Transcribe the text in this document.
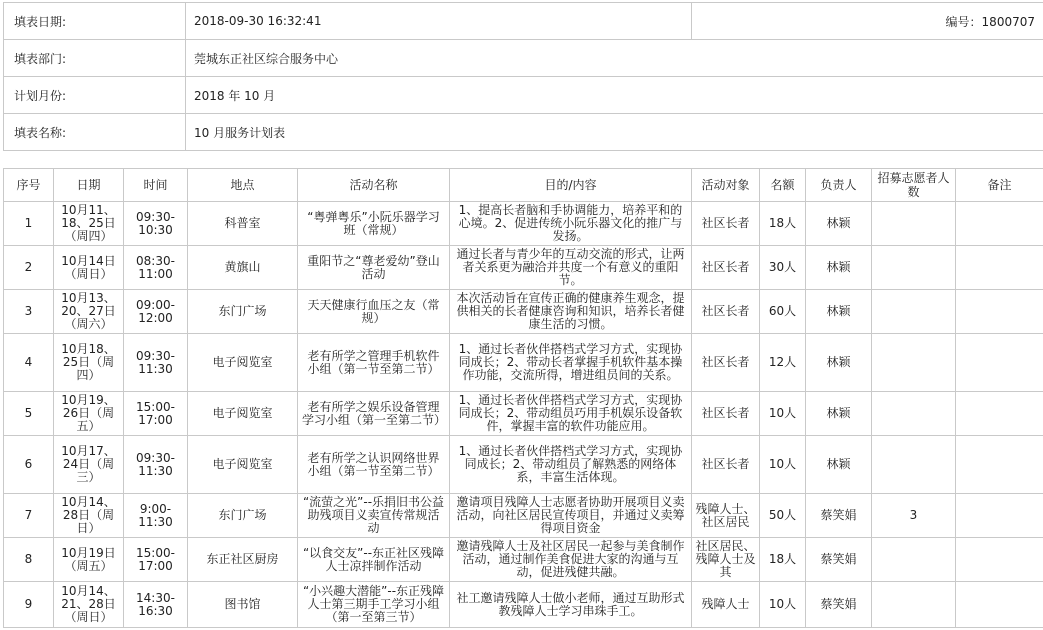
填表日期:	2018-09-30 16:32:41	编号：1800707
填表部门:	莞城东正社区综合服务中心	
计划月份:	2018 年 10 月	
填表名称:	10 月服务计划表	
序号	日期	时间	地点	活动名称	目的/内容	活动对象	名额	负责人	招募志愿者人数	备注
1	10月11、18、25日（周四）	09:30-10:30	科普室	“粤弹粤乐”小阮乐器学习班（常规）	1、提高长者脑和手协调能力，培养平和的心境。2、促进传统小阮乐器文化的推广与发扬。	社区长者	18人	林颖		
2	10月14日（周日）	08:30-11:00	黄旗山	重阳节之“尊老爱幼”登山活动	通过长者与青少年的互动交流的形式，让两者关系更为融洽并共度一个有意义的重阳节。	社区长者	30人	林颖		
3	10月13、20、27日（周六）	09:00-12:00	东门广场	天天健康行血压之友（常规）	本次活动旨在宣传正确的健康养生观念，提供相关的长者健康咨询和知识，培养长者健康生活的习惯。	社区长者	60人	林颖		
4	10月18、25日（周四）	09:30-11:30	电子阅览室	老有所学之管理手机软件小组（第一节至第二节）	1、通过长者伙伴搭档式学习方式，实现协同成长；2、带动长者掌握手机软件基本操作功能，交流所得，增进组员间的关系。	社区长者	12人	林颖		
5	10月19、26日（周五）	15:00-17:00	电子阅览室	老有所学之娱乐设备管理学习小组（第一至第二节）	1、通过长者伙伴搭档式学习方式，实现协同成长；2、带动组员巧用手机娱乐设备软件，掌握丰富的软件功能应用。	社区长者	10人	林颖		
6	10月17、24日（周三）	09:30-11:30	电子阅览室	老有所学之认识网络世界小组（第一节至第二节）	1、通过长者伙伴搭档式学习方式，实现协同成长；2、带动组员了解熟悉的网络体系，丰富生活体现。	社区长者	10人	林颖		
7	10月14、28日（周日）	9:00-11:30	东门广场	“流萤之光”--乐捐旧书公益助残项目义卖宣传常规活动	邀请项目残障人士志愿者协助开展项目义卖活动，向社区居民宣传项目，并通过义卖筹得项目资金	残障人士、社区居民	50人	蔡笑娟	3	
8	10月19日（周五）	15:00-17:00	东正社区厨房	“以食交友”--东正社区残障人士凉拌制作活动	邀请残障人士及社区居民一起参与美食制作活动，通过制作美食促进大家的沟通与互动，促进残健共融。	社区居民、残障人士及其	18人	蔡笑娟		
9	10月14、21、28日（周日）	14:30-16:30	图书馆	“小兴趣大潜能”--东正残障人士第三期手工学习小组（第一至第三节）	社工邀请残障人士做小老师，通过互助形式教残障人士学习串珠手工。	残障人士	10人	蔡笑娟		
